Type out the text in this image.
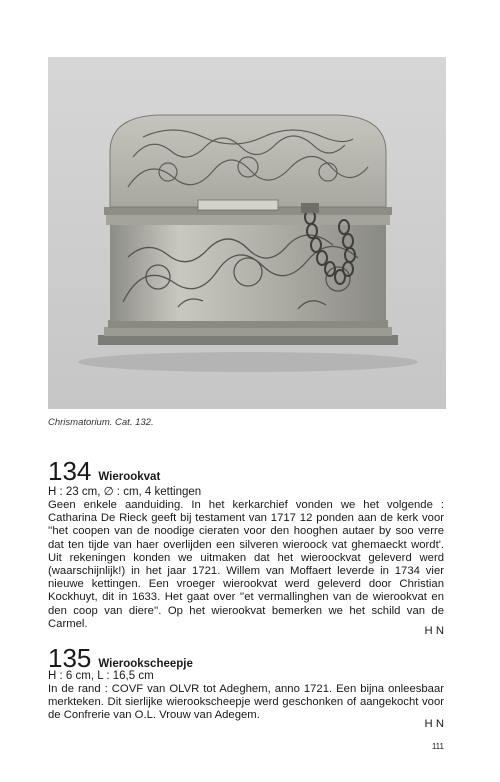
Chrismatorium. Cat. 132.
134 Wierookvat
H : 23 cm, ∅ : cm, 4 kettingen
Geen enkele aanduiding. In het kerkarchief vonden we het volgende : Catharina De Rieck geeft bij testament van 1717 12 ponden aan de kerk voor ''het coopen van de noodige cieraten voor den hooghen autaer by soo verre dat ten tijde van haer overlijden een silveren wieroock vat ghemaeckt wordt'. Uit rekeningen konden we uitmaken dat het wieroockvat geleverd werd (waarschijnlijk!) in het jaar 1721. Willem van Moffaert leverde in 1734 vier nieuwe kettingen. Een vroeger wierookvat werd geleverd door Christian Kockhuyt, dit in 1633. Het gaat over ''et vermallinghen van de wierookvat en den coop van diere''. Op het wierookvat bemerken we het schild van de Carmel.
H N
135 Wierookscheepje
H : 6 cm, L : 16,5 cm
In de rand : COVF van OLVR tot Adeghem, anno 1721. Een bijna onleesbaar merkteken. Dit sierlijke wierookscheepje werd geschonken of aangekocht voor de Confrerie van O.L. Vrouw van Adegem.
H N
111
